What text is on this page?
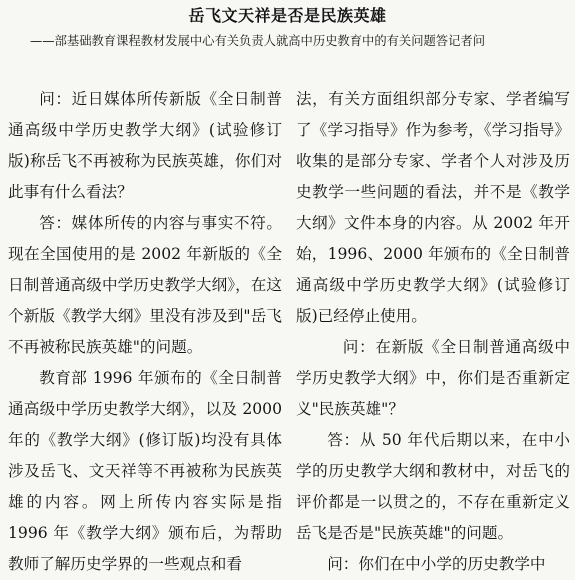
岳飞文天祥是否是民族英雄
——部基础教育课程教材发展中心有关负责人就高中历史教育中的有关问题答记者问

问：近日媒体所传新版《全日制普通高级中学历史教学大纲》(试验修订版)称岳飞不再被称为民族英雄，你们对此事有什么看法？

答：媒体所传的内容与事实不符。现在全国使用的是 2002 年新版的《全日制普通高级中学历史教学大纲》，在这个新版《教学大纲》里没有涉及到"岳飞不再被称民族英雄"的问题。

教育部 1996 年颁布的《全日制普通高级中学历史教学大纲》，以及 2000 年的《教学大纲》(修订版)均没有具体涉及岳飞、文天祥等不再被称为民族英雄的内容。网上所传内容实际是指 1996 年《教学大纲》颁布后，为帮助教师了解历史学界的一些观点和看

法，有关方面组织部分专家、学者编写了《学习指导》作为参考，《学习指导》收集的是部分专家、学者个人对涉及历史教学一些问题的看法，并不是《教学大纲》文件本身的内容。从 2002 年开始，1996、2000 年颁布的《全日制普通高级中学历史教学大纲》(试验修订版)已经停止使用。

问：在新版《全日制普通高级中学历史教学大纲》中，你们是否重新定义"民族英雄"？

答：从 50 年代后期以来，在中小学的历史教学大纲和教材中，对岳飞的评价都是一以贯之的，不存在重新定义岳飞是否是"民族英雄"的问题。

问：你们在中小学的历史教学中
